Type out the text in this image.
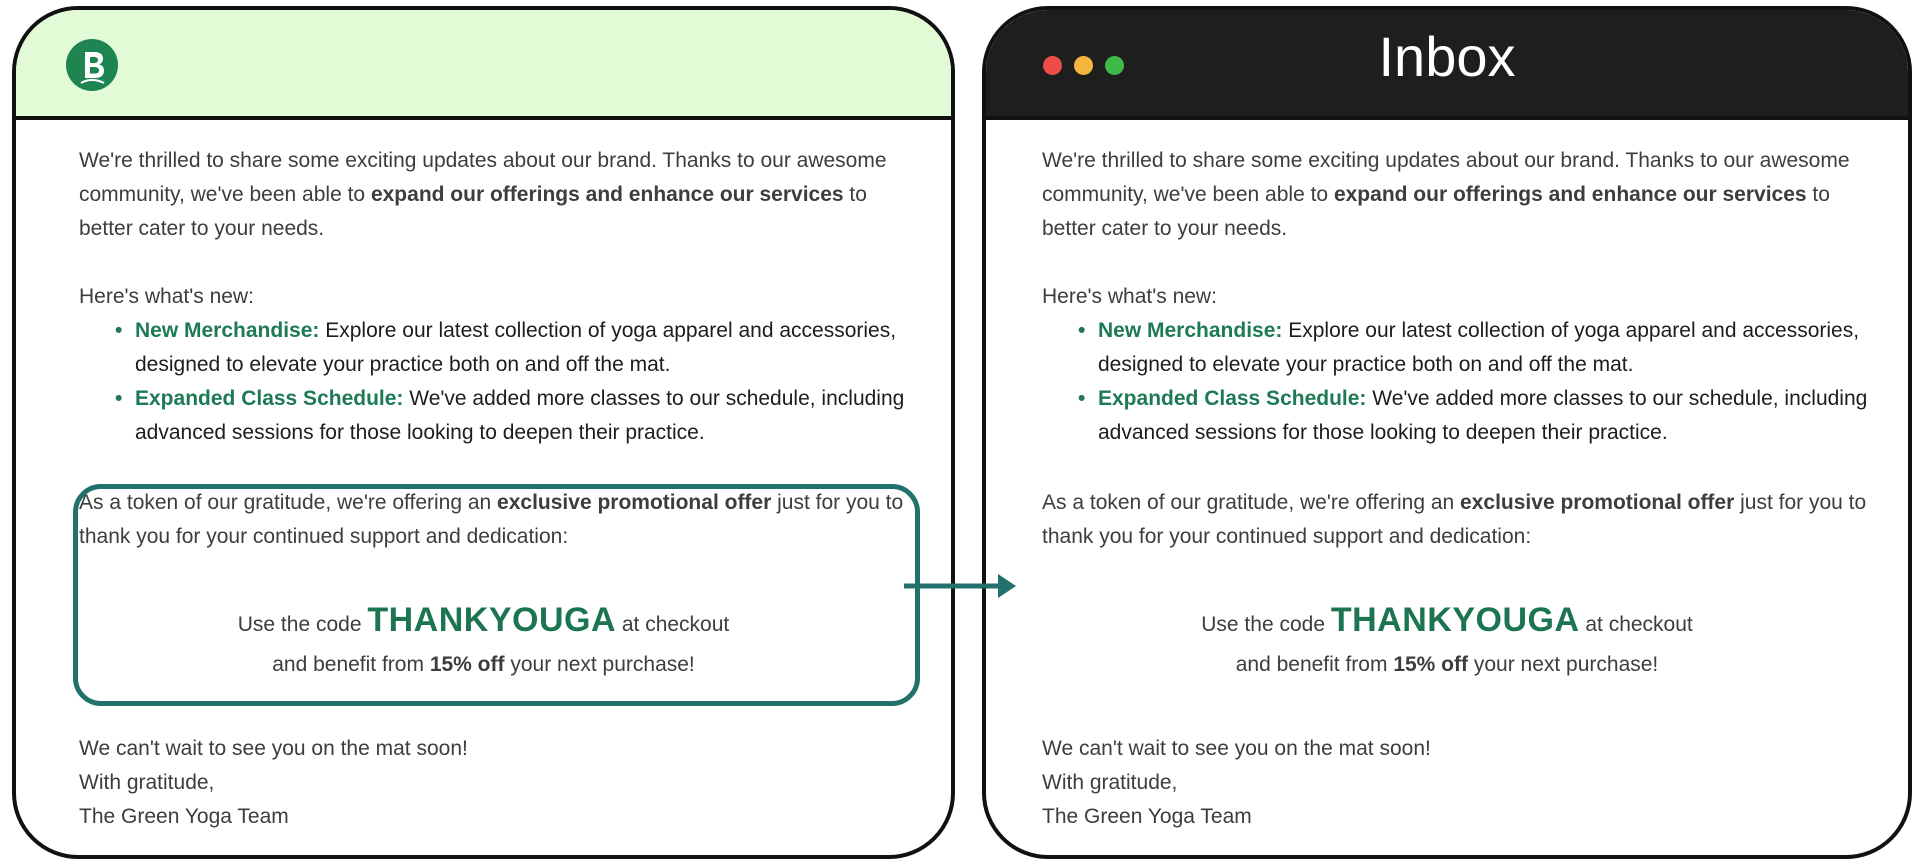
We're thrilled to share some exciting updates about our brand. Thanks to our awesome community, we've been able to expand our offerings and enhance our services to better cater to your needs.

Here's what's new:

• New Merchandise: Explore our latest collection of yoga apparel and accessories, designed to elevate your practice both on and off the mat.
• Expanded Class Schedule: We've added more classes to our schedule, including advanced sessions for those looking to deepen their practice.

As a token of our gratitude, we're offering an exclusive promotional offer just for you to thank you for your continued support and dedication:

Use the code THANKYOUGA at checkout
and benefit from 15% off your next purchase!

We can't wait to see you on the mat soon!

With gratitude,

The Green Yoga Team

Inbox

We're thrilled to share some exciting updates about our brand. Thanks to our awesome community, we've been able to expand our offerings and enhance our services to better cater to your needs.

Here's what's new:

• New Merchandise: Explore our latest collection of yoga apparel and accessories, designed to elevate your practice both on and off the mat.
• Expanded Class Schedule: We've added more classes to our schedule, including advanced sessions for those looking to deepen their practice.

As a token of our gratitude, we're offering an exclusive promotional offer just for you to thank you for your continued support and dedication:

Use the code THANKYOUGA at checkout
and benefit from 15% off your next purchase!

We can't wait to see you on the mat soon!

With gratitude,

The Green Yoga Team
